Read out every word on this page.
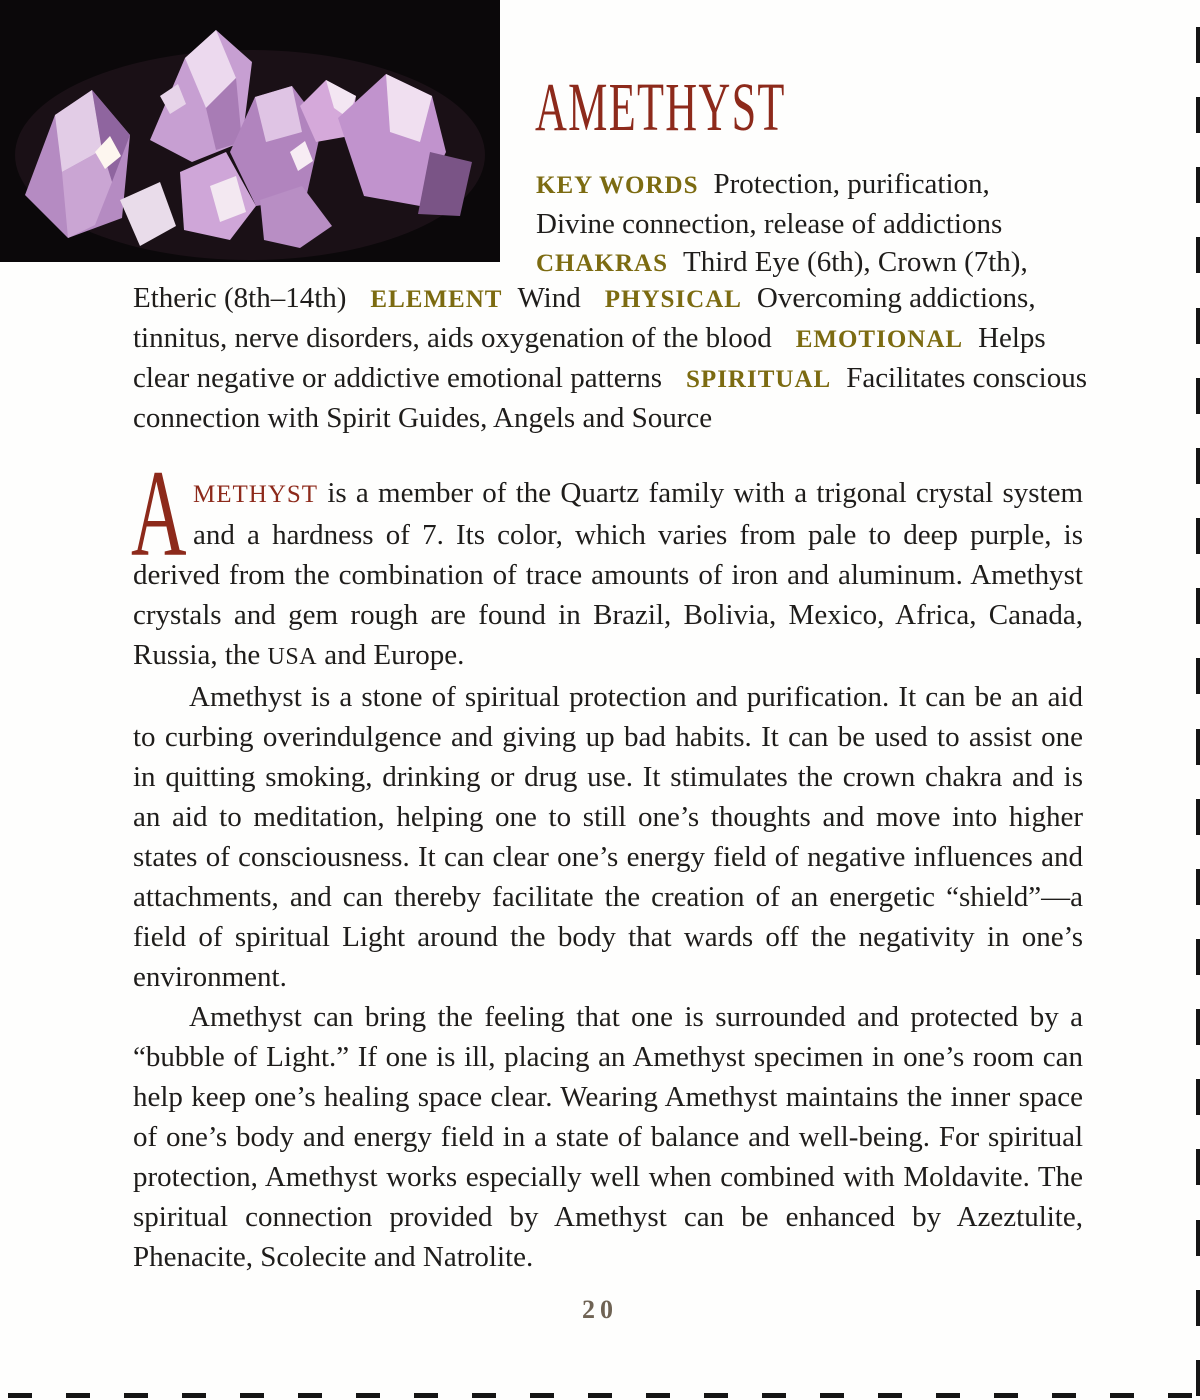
AMETHYST
KEY WORDS Protection, purification,
Divine connection, release of addictions
CHAKRAS Third Eye (6th), Crown (7th),
Etheric (8th–14th) ELEMENT Wind PHYSICAL Overcoming addictions,
tinnitus, nerve disorders, aids oxygenation of the blood EMOTIONAL Helps
clear negative or addictive emotional patterns SPIRITUAL Facilitates conscious
connection with Spirit Guides, Angels and Source
A METHYST is a member of the Quartz family with a trigonal crystal system and a hardness of 7. Its color, which varies from pale to deep purple, is derived from the combination of trace amounts of iron and aluminum. Amethyst crystals and gem rough are found in Brazil, Bolivia, Mexico, Africa, Canada, Russia, the USA and Europe.

Amethyst is a stone of spiritual protection and purification. It can be an aid to curbing overindulgence and giving up bad habits. It can be used to assist one in quitting smoking, drinking or drug use. It stimulates the crown chakra and is an aid to meditation, helping one to still one’s thoughts and move into higher states of consciousness. It can clear one’s energy field of negative influences and attachments, and can thereby facilitate the creation of an energetic “shield”—a field of spiritual Light around the body that wards off the negativity in one’s environment.

Amethyst can bring the feeling that one is surrounded and protected by a “bubble of Light.” If one is ill, placing an Amethyst specimen in one’s room can help keep one’s healing space clear. Wearing Amethyst maintains the inner space of one’s body and energy field in a state of balance and well-being. For spiritual protection, Amethyst works especially well when combined with Moldavite. The spiritual connection provided by Amethyst can be enhanced by Azeztulite, Phenacite, Scolecite and Natrolite.

20
